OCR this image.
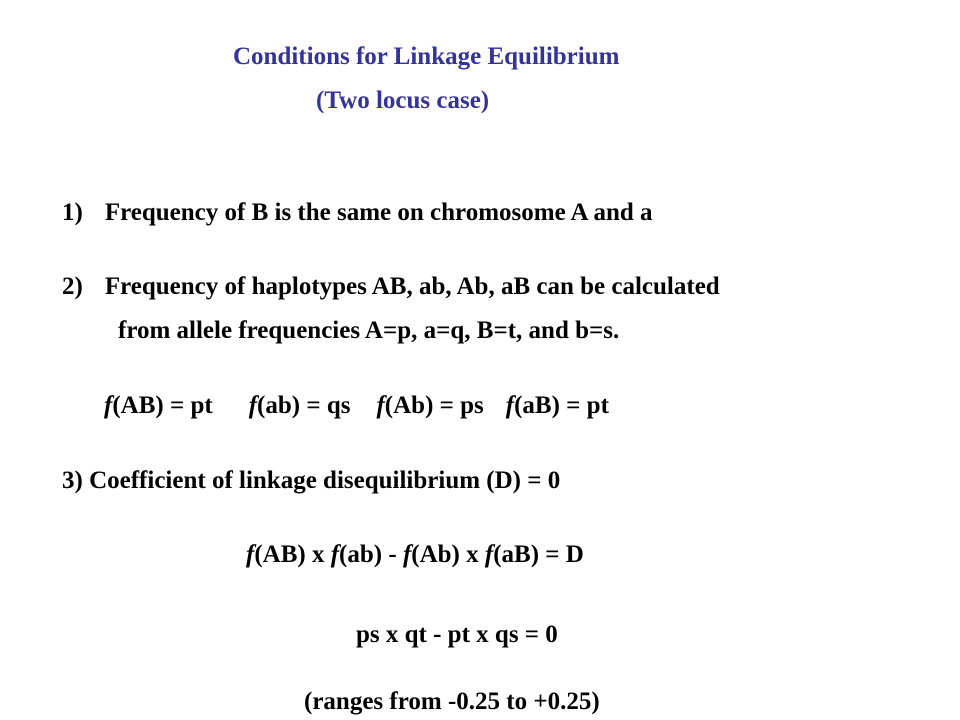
Conditions for Linkage Equilibrium
(Two locus case)
1) Frequency of B is the same on chromosome A and a
2) Frequency of haplotypes AB, ab, Ab, aB can be calculated
from allele frequencies A=p, a=q, B=t, and b=s.
f(AB) = pt f(ab) = qs f(Ab) = ps f(aB) = pt
3) Coefficient of linkage disequilibrium (D) = 0
f(AB) x f(ab) - f(Ab) x f(aB) = D
ps x qt - pt x qs = 0
(ranges from -0.25 to +0.25)
